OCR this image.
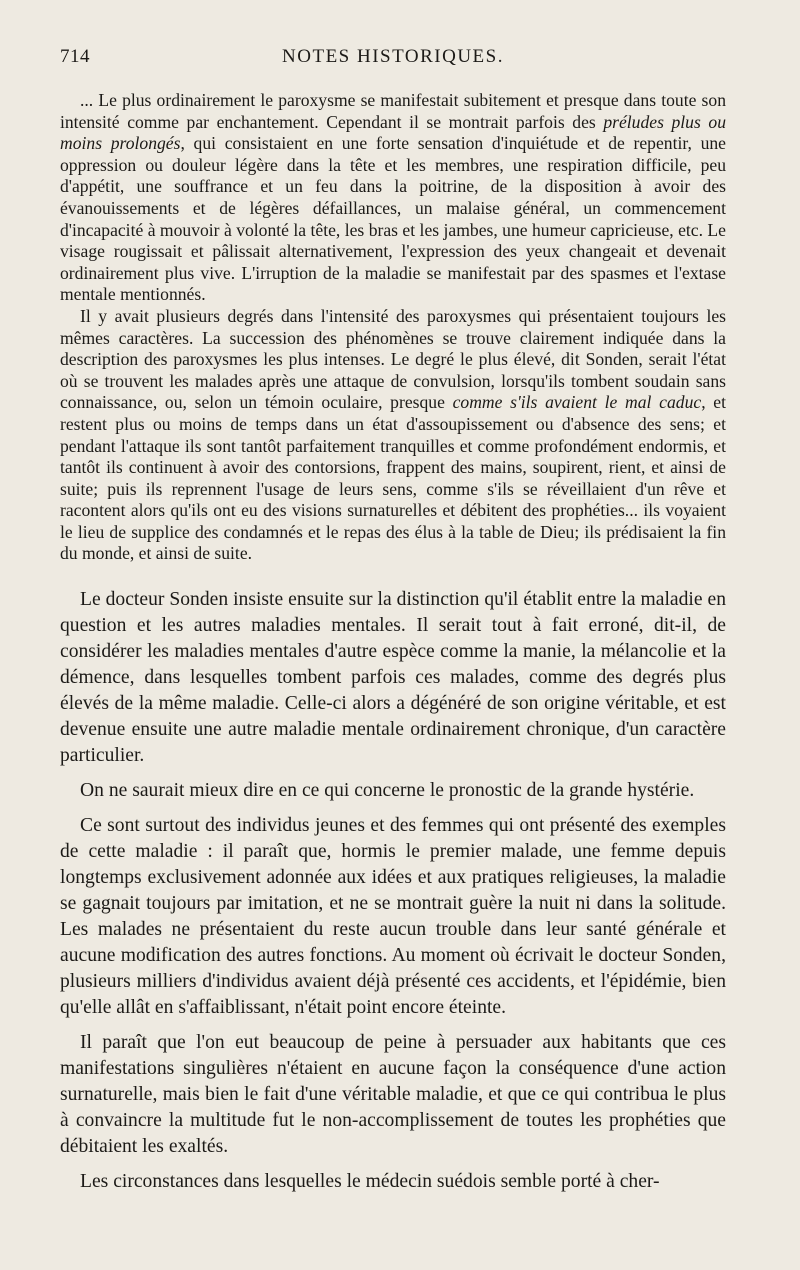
714	NOTES HISTORIQUES.

... Le plus ordinairement le paroxysme se manifestait subitement et presque dans toute son intensité comme par enchantement. Cependant il se montrait parfois des préludes plus ou moins prolongés, qui consistaient en une forte sensation d'inquiétude et de repentir, une oppression ou douleur légère dans la tête et les membres, une respiration difficile, peu d'appétit, une souffrance et un feu dans la poitrine, de la disposition à avoir des évanouissements et de légères défaillances, un malaise général, un commencement d'incapacité à mouvoir à volonté la tête, les bras et les jambes, une humeur capricieuse, etc. Le visage rougissait et pâlissait alternativement, l'expression des yeux changeait et devenait ordinairement plus vive. L'irruption de la maladie se manifestait par des spasmes et l'extase mentale mentionnés.

Il y avait plusieurs degrés dans l'intensité des paroxysmes qui présentaient toujours les mêmes caractères. La succession des phénomènes se trouve clairement indiquée dans la description des paroxysmes les plus intenses. Le degré le plus élevé, dit Sonden, serait l'état où se trouvent les malades après une attaque de convulsion, lorsqu'ils tombent soudain sans connaissance, ou, selon un témoin oculaire, presque comme s'ils avaient le mal caduc, et restent plus ou moins de temps dans un état d'assoupissement ou d'absence des sens; et pendant l'attaque ils sont tantôt parfaitement tranquilles et comme profondément endormis, et tantôt ils continuent à avoir des contorsions, frappent des mains, soupirent, rient, et ainsi de suite; puis ils reprennent l'usage de leurs sens, comme s'ils se réveillaient d'un rêve et racontent alors qu'ils ont eu des visions surnaturelles et débitent des prophéties... ils voyaient le lieu de supplice des condamnés et le repas des élus à la table de Dieu; ils prédisaient la fin du monde, et ainsi de suite.

Le docteur Sonden insiste ensuite sur la distinction qu'il établit entre la maladie en question et les autres maladies mentales. Il serait tout à fait erroné, dit-il, de considérer les maladies mentales d'autre espèce comme la manie, la mélancolie et la démence, dans lesquelles tombent parfois ces malades, comme des degrés plus élevés de la même maladie. Celle-ci alors a dégénéré de son origine véritable, et est devenue ensuite une autre maladie mentale ordinairement chronique, d'un caractère particulier.

On ne saurait mieux dire en ce qui concerne le pronostic de la grande hystérie.

Ce sont surtout des individus jeunes et des femmes qui ont présenté des exemples de cette maladie : il paraît que, hormis le premier malade, une femme depuis longtemps exclusivement adonnée aux idées et aux pratiques religieuses, la maladie se gagnait toujours par imitation, et ne se montrait guère la nuit ni dans la solitude. Les malades ne présentaient du reste aucun trouble dans leur santé générale et aucune modification des autres fonctions. Au moment où écrivait le docteur Sonden, plusieurs milliers d'individus avaient déjà présenté ces accidents, et l'épidémie, bien qu'elle allât en s'affaiblissant, n'était point encore éteinte.

Il paraît que l'on eut beaucoup de peine à persuader aux habitants que ces manifestations singulières n'étaient en aucune façon la conséquence d'une action surnaturelle, mais bien le fait d'une véritable maladie, et que ce qui contribua le plus à convaincre la multitude fut le non-accomplissement de toutes les prophéties que débitaient les exaltés.

Les circonstances dans lesquelles le médecin suédois semble porté à cher-
